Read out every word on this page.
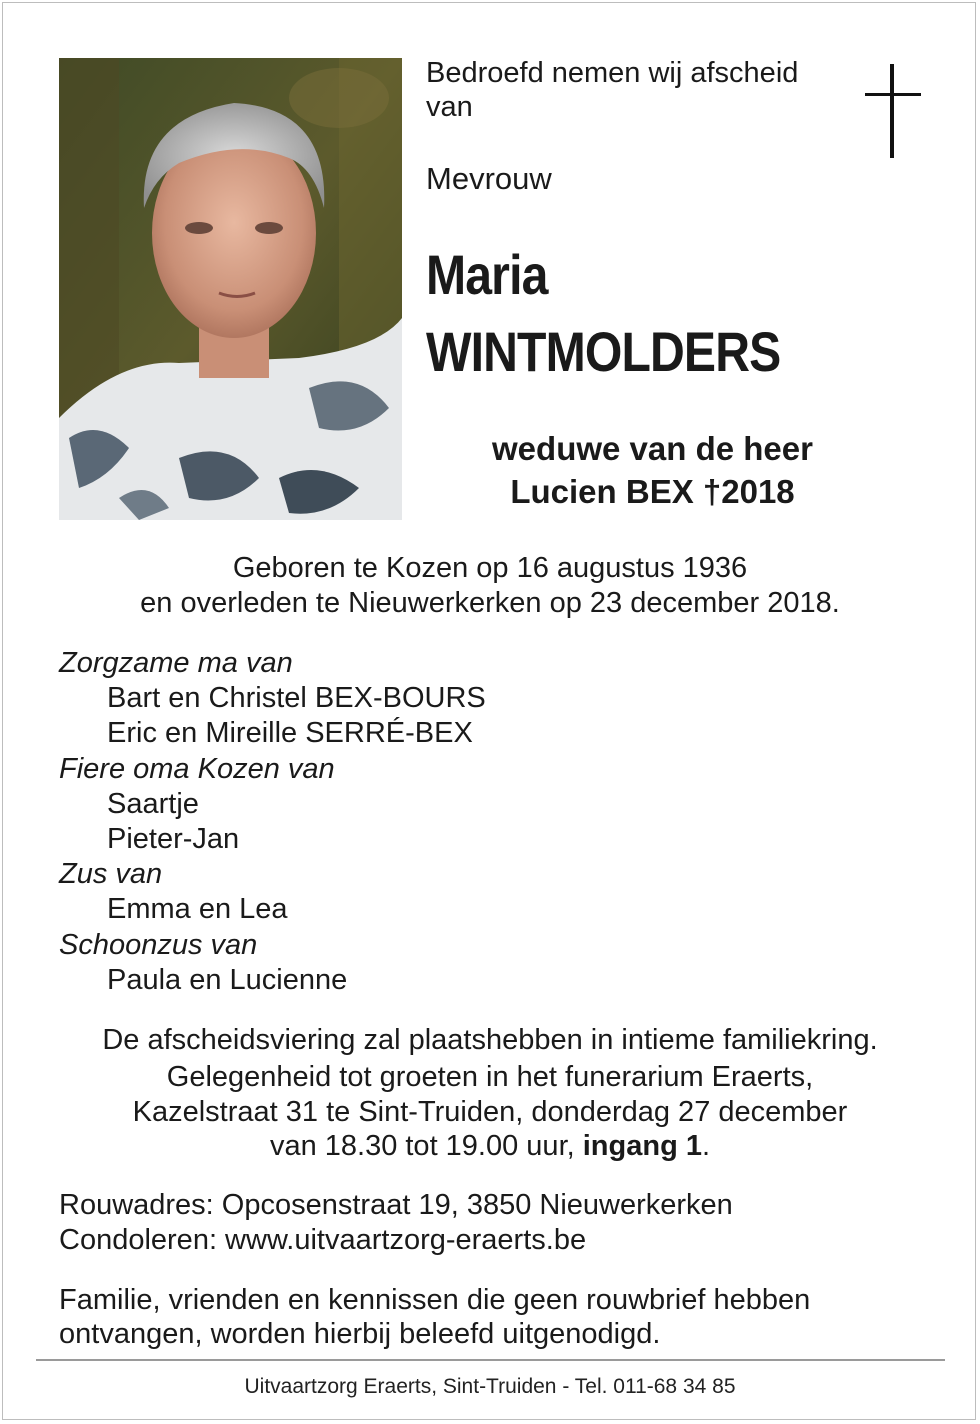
Bedroefd nemen wij afscheid van

Mevrouw

Maria

WINTMOLDERS

weduwe van de heer

Lucien BEX †2018

Geboren te Kozen op 16 augustus 1936

en overleden te Nieuwerkerken op 23 december 2018.

Zorgzame ma van
Bart en Christel BEX-BOURS
Eric en Mireille SERRÉ-BEX
Fiere oma Kozen van
Saartje
Pieter-Jan
Zus van
Emma en Lea
Schoonzus van
Paula en Lucienne

De afscheidsviering zal plaatshebben in intieme familiekring.

Gelegenheid tot groeten in het funerarium Eraerts,

Kazelstraat 31 te Sint-Truiden, donderdag 27 december

van 18.30 tot 19.00 uur, ingang 1.

Rouwadres: Opcosenstraat 19, 3850 Nieuwerkerken

Condoleren: www.uitvaartzorg-eraerts.be

Familie, vrienden en kennissen die geen rouwbrief hebben

ontvangen, worden hierbij beleefd uitgenodigd.

Uitvaartzorg Eraerts, Sint-Truiden - Tel. 011-68 34 85
